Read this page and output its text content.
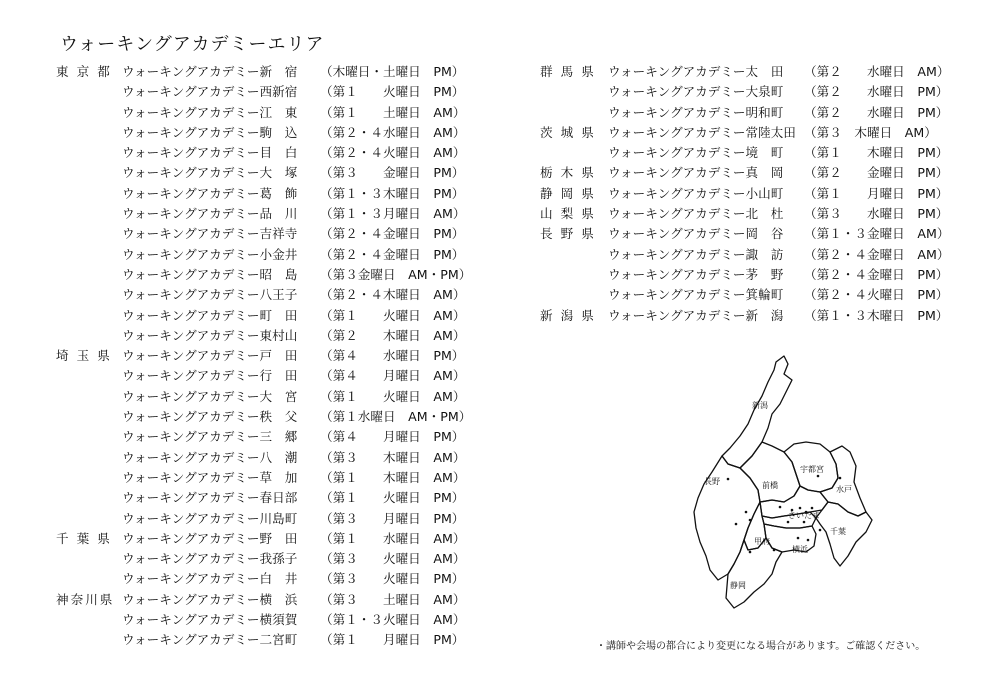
ウォーキングアカデミーエリア
東 京 都 ウォーキングアカデミー新　宿 （木曜日・土曜日　PM）
ウォーキングアカデミー西新宿 （第１　　火曜日　PM）
ウォーキングアカデミー江　東 （第１　　土曜日　AM）
ウォーキングアカデミー駒　込 （第２・４水曜日　AM）
ウォーキングアカデミー目　白 （第２・４火曜日　AM）
ウォーキングアカデミー大　塚 （第３　　金曜日　PM）
ウォーキングアカデミー葛　飾 （第１・３木曜日　PM）
ウォーキングアカデミー品　川 （第１・３月曜日　AM）
ウォーキングアカデミー吉祥寺 （第２・４金曜日　PM）
ウォーキングアカデミー小金井 （第２・４金曜日　PM）
ウォーキングアカデミー昭　島 （第３金曜日　AM・PM）
ウォーキングアカデミー八王子 （第２・４木曜日　AM）
ウォーキングアカデミー町　田 （第１　　火曜日　AM）
ウォーキングアカデミー東村山 （第２　　木曜日　AM）
埼 玉 県 ウォーキングアカデミー戸　田 （第４　　水曜日　PM）
ウォーキングアカデミー行　田 （第４　　月曜日　AM）
ウォーキングアカデミー大　宮 （第１　　火曜日　AM）
ウォーキングアカデミー秩　父 （第１水曜日　AM・PM）
ウォーキングアカデミー三　郷 （第４　　月曜日　PM）
ウォーキングアカデミー八　潮 （第３　　木曜日　AM）
ウォーキングアカデミー草　加 （第１　　木曜日　AM）
ウォーキングアカデミー春日部 （第１　　火曜日　PM）
ウォーキングアカデミー川島町 （第３　　月曜日　PM）
千 葉 県 ウォーキングアカデミー野　田 （第１　　水曜日　AM）
ウォーキングアカデミー我孫子 （第３　　火曜日　AM）
ウォーキングアカデミー白　井 （第３　　火曜日　PM）
神奈川県 ウォーキングアカデミー横　浜 （第３　　土曜日　AM）
ウォーキングアカデミー横須賀 （第１・３火曜日　AM）
ウォーキングアカデミー二宮町 （第１　　月曜日　PM）
群 馬 県 ウォーキングアカデミー太　田 （第２　　水曜日　AM）
ウォーキングアカデミー大泉町 （第２　　水曜日　PM）
ウォーキングアカデミー明和町 （第２　　水曜日　PM）
茨 城 県 ウォーキングアカデミー常陸太田 （第３　木曜日　AM）
ウォーキングアカデミー境　町 （第１　　木曜日　PM）
栃 木 県 ウォーキングアカデミー真　岡 （第２　　金曜日　PM）
静 岡 県 ウォーキングアカデミー小山町 （第１　　月曜日　PM）
山 梨 県 ウォーキングアカデミー北　杜 （第３　　水曜日　PM）
長 野 県 ウォーキングアカデミー岡　谷 （第１・３金曜日　AM）
ウォーキングアカデミー諏　訪 （第２・４金曜日　AM）
ウォーキングアカデミー茅　野 （第２・４金曜日　PM）
ウォーキングアカデミー箕輪町 （第２・４火曜日　PM）
新 潟 県 ウォーキングアカデミー新　潟 （第１・３木曜日　PM）
新潟
宇都宮
前橋	水戸
長野
さいたま
千葉
甲府
横浜
静岡
・講師や会場の都合により変更になる場合があります。ご確認ください。
